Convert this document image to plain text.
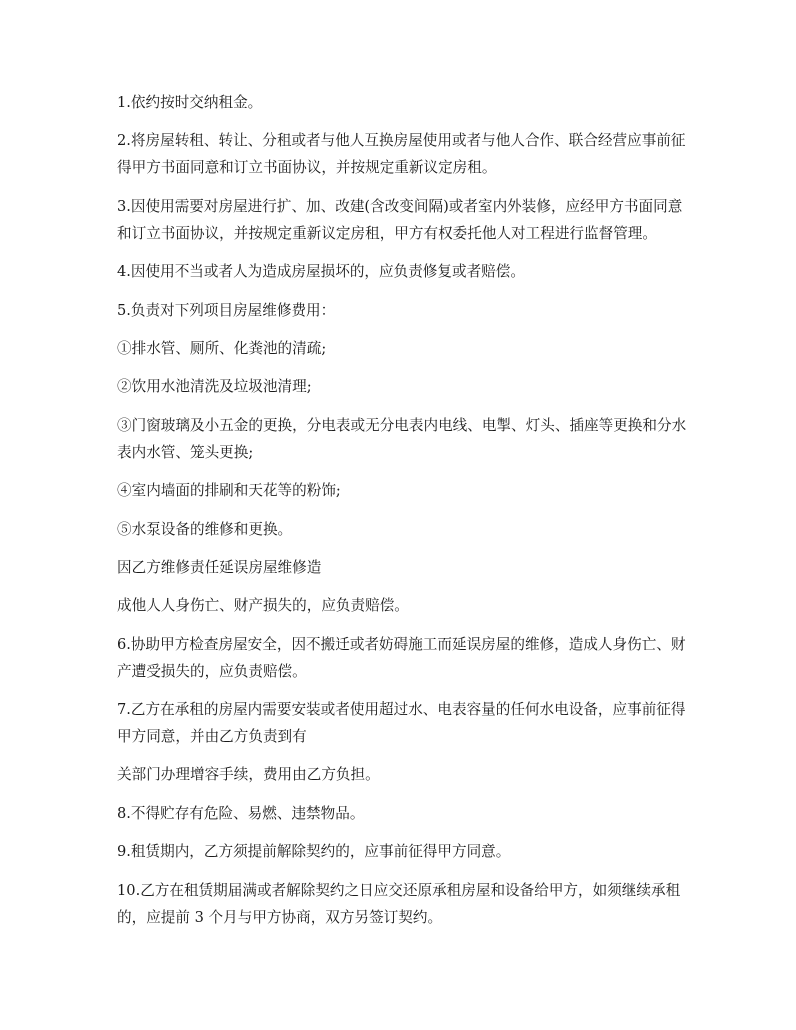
1.依约按时交纳租金。

2.将房屋转租、转让、分租或者与他人互换房屋使用或者与他人合作、联合经营应事前征得甲方书面同意和订立书面协议，并按规定重新议定房租。

3.因使用需要对房屋进行扩、加、改建(含改变间隔)或者室内外装修，应经甲方书面同意和订立书面协议，并按规定重新议定房租，甲方有权委托他人对工程进行监督管理。

4.因使用不当或者人为造成房屋损坏的，应负责修复或者赔偿。

5.负责对下列项目房屋维修费用：

①排水管、厕所、化粪池的清疏;

②饮用水池清洗及垃圾池清理;

③门窗玻璃及小五金的更换，分电表或无分电表内电线、电掣、灯头、插座等更换和分水表内水管、笼头更换;

④室内墙面的排刷和天花等的粉饰;

⑤水泵设备的维修和更换。

因乙方维修责任延误房屋维修造

成他人人身伤亡、财产损失的，应负责赔偿。

6.协助甲方检查房屋安全，因不搬迁或者妨碍施工而延误房屋的维修，造成人身伤亡、财产遭受损失的，应负责赔偿。

7.乙方在承租的房屋内需要安装或者使用超过水、电表容量的任何水电设备，应事前征得甲方同意，并由乙方负责到有

关部门办理增容手续，费用由乙方负担。

8.不得贮存有危险、易燃、违禁物品。

9.租赁期内，乙方须提前解除契约的，应事前征得甲方同意。

10.乙方在租赁期届满或者解除契约之日应交还原承租房屋和设备给甲方，如须继续承租的，应提前 3 个月与甲方协商，双方另签订契约。
